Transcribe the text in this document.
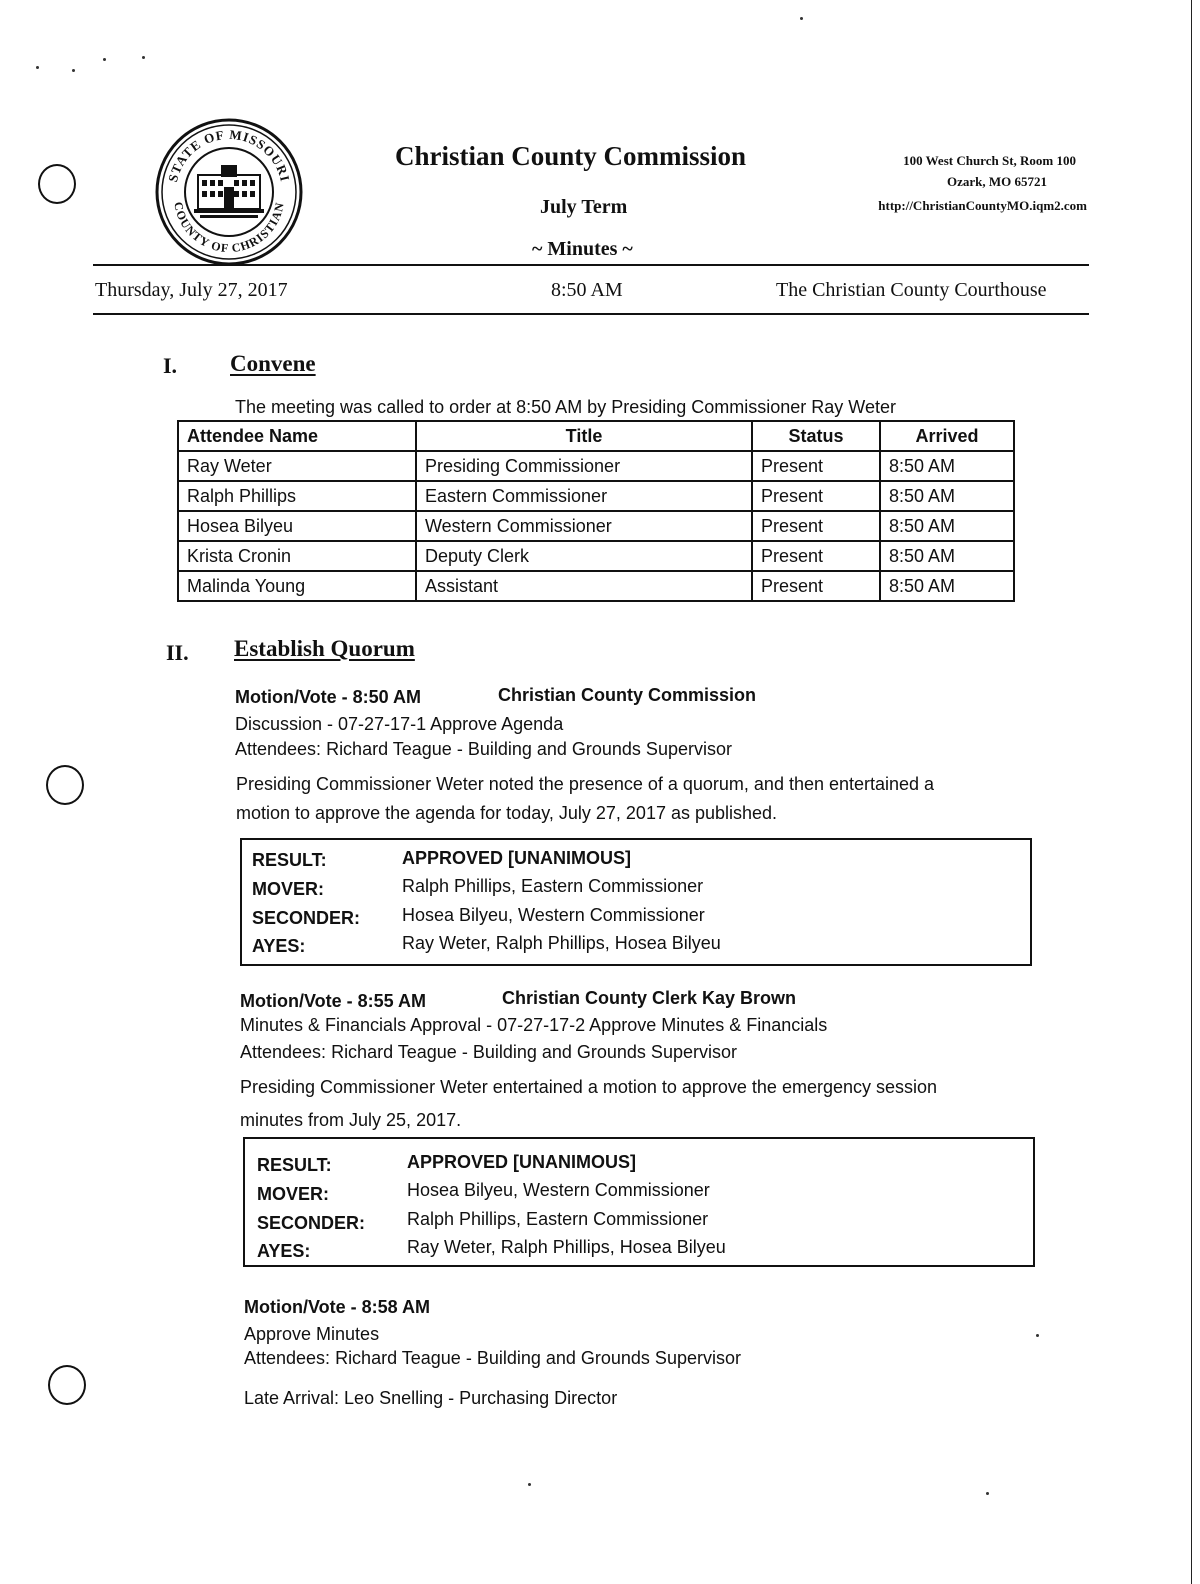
STATE OF MISSOURI
COUNTY OF CHRISTIAN
Christian County Commission
July Term
~ Minutes ~
100 West Church St, Room 100
Ozark, MO 65721
http://ChristianCountyMO.iqm2.com
Thursday, July 27, 2017	8:50 AM	The Christian County Courthouse
I. Convene
The meeting was called to order at 8:50 AM by Presiding Commissioner Ray Weter
Attendee Name	Title	Status	Arrived
Ray Weter	Presiding Commissioner	Present	8:50 AM
Ralph Phillips	Eastern Commissioner	Present	8:50 AM
Hosea Bilyeu	Western Commissioner	Present	8:50 AM
Krista Cronin	Deputy Clerk	Present	8:50 AM
Malinda Young	Assistant	Present	8:50 AM
II. Establish Quorum
Motion/Vote - 8:50 AM	Christian County Commission
Discussion - 07-27-17-1 Approve Agenda
Attendees: Richard Teague - Building and Grounds Supervisor
Presiding Commissioner Weter noted the presence of a quorum, and then entertained a
motion to approve the agenda for today, July 27, 2017 as published.
RESULT:	APPROVED [UNANIMOUS]
MOVER:	Ralph Phillips, Eastern Commissioner
SECONDER: Hosea Bilyeu, Western Commissioner
AYES:	Ray Weter, Ralph Phillips, Hosea Bilyeu
Motion/Vote - 8:55 AM	Christian County Clerk Kay Brown
Minutes & Financials Approval - 07-27-17-2 Approve Minutes & Financials
Attendees: Richard Teague - Building and Grounds Supervisor
Presiding Commissioner Weter entertained a motion to approve the emergency session
minutes from July 25, 2017.
RESULT:	APPROVED [UNANIMOUS]
MOVER:	Hosea Bilyeu, Western Commissioner
SECONDER: Ralph Phillips, Eastern Commissioner
AYES:	Ray Weter, Ralph Phillips, Hosea Bilyeu
Motion/Vote - 8:58 AM
Approve Minutes
Attendees: Richard Teague - Building and Grounds Supervisor
Late Arrival: Leo Snelling - Purchasing Director
